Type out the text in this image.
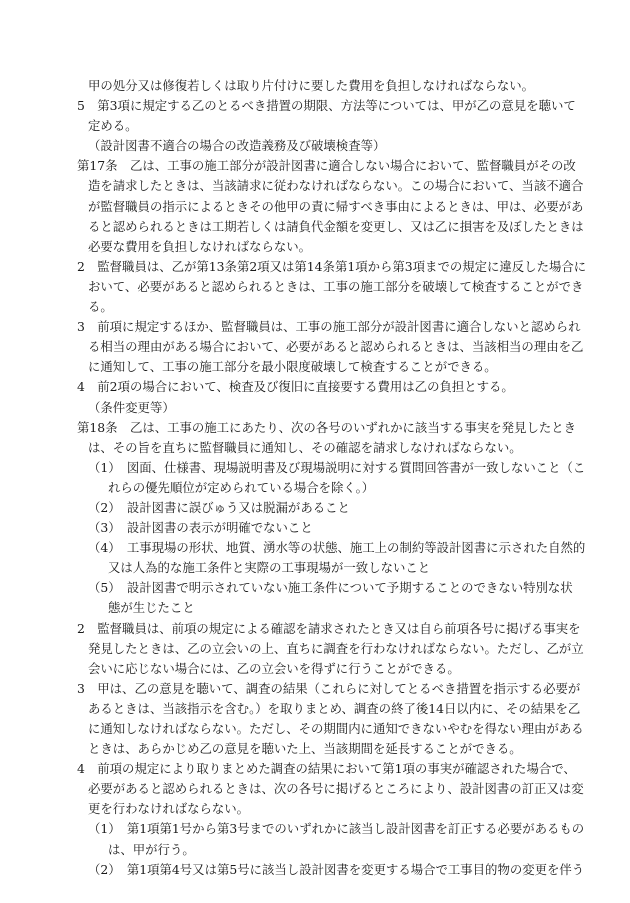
甲の処分又は修復若しくは取り片付けに要した費用を負担しなければならない。
5　第3項に規定する乙のとるべき措置の期限、方法等については、甲が乙の意見を聴いて
定める。
（設計図書不適合の場合の改造義務及び破壊検査等）
第17条　乙は、工事の施工部分が設計図書に適合しない場合において、監督職員がその改
造を請求したときは、当該請求に従わなければならない。この場合において、当該不適合
が監督職員の指示によるときその他甲の責に帰すべき事由によるときは、甲は、必要があ
ると認められるときは工期若しくは請負代金額を変更し、又は乙に損害を及ぼしたときは
必要な費用を負担しなければならない。
2　監督職員は、乙が第13条第2項又は第14条第1項から第3項までの規定に違反した場合に
おいて、必要があると認められるときは、工事の施工部分を破壊して検査することができ
る。
3　前項に規定するほか、監督職員は、工事の施工部分が設計図書に適合しないと認められ
る相当の理由がある場合において、必要があると認められるときは、当該相当の理由を乙
に通知して、工事の施工部分を最小限度破壊して検査することができる。
4　前2項の場合において、検査及び復旧に直接要する費用は乙の負担とする。
（条件変更等）
第18条　乙は、工事の施工にあたり、次の各号のいずれかに該当する事実を発見したとき
は、その旨を直ちに監督職員に通知し、その確認を請求しなければならない。
（1）　図面、仕様書、現場説明書及び現場説明に対する質問回答書が一致しないこと（こ
れらの優先順位が定められている場合を除く。）
（2）　設計図書に誤びゅう又は脱漏があること
（3）　設計図書の表示が明確でないこと
（4）　工事現場の形状、地質、湧水等の状態、施工上の制約等設計図書に示された自然的
又は人為的な施工条件と実際の工事現場が一致しないこと
（5）　設計図書で明示されていない施工条件について予期することのできない特別な状
態が生じたこと
2　監督職員は、前項の規定による確認を請求されたとき又は自ら前項各号に掲げる事実を
発見したときは、乙の立会いの上、直ちに調査を行わなければならない。ただし、乙が立
会いに応じない場合には、乙の立会いを得ずに行うことができる。
3　甲は、乙の意見を聴いて、調査の結果（これらに対してとるべき措置を指示する必要が
あるときは、当該指示を含む。）を取りまとめ、調査の終了後14日以内に、その結果を乙
に通知しなければならない。ただし、その期間内に通知できないやむを得ない理由がある
ときは、あらかじめ乙の意見を聴いた上、当該期間を延長することができる。
4　前項の規定により取りまとめた調査の結果において第1項の事実が確認された場合で、
必要があると認められるときは、次の各号に掲げるところにより、設計図書の訂正又は変
更を行わなければならない。
（1）　第1項第1号から第3号までのいずれかに該当し設計図書を訂正する必要があるもの
は、甲が行う。
（2）　第1項第4号又は第5号に該当し設計図書を変更する場合で工事目的物の変更を伴う
